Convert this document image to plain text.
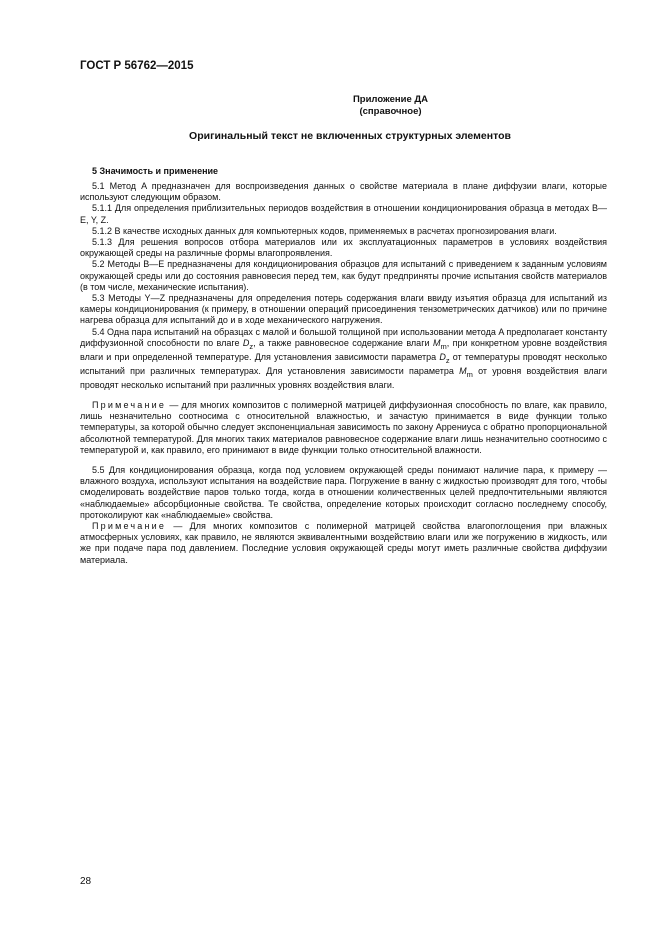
ГОСТ Р 56762—2015
Приложение ДА
(справочное)
Оригинальный текст не включенных структурных элементов
5 Значимость и применение

5.1 Метод A предназначен для воспроизведения данных о свойстве материала в плане диффузии влаги, которые используют следующим образом.

5.1.1 Для определения приблизительных периодов воздействия в отношении кондиционирования образца в методах B—E, Y, Z.

5.1.2 В качестве исходных данных для компьютерных кодов, применяемых в расчетах прогнозирования влаги.

5.1.3 Для решения вопросов отбора материалов или их эксплуатационных параметров в условиях воздействия окружающей среды на различные формы влагопроявления.

5.2 Методы B—E предназначены для кондиционирования образцов для испытаний с приведением к заданным условиям окружающей среды или до состояния равновесия перед тем, как будут предприняты прочие испытания свойств материалов (в том числе, механические испытания).

5.3 Методы Y—Z предназначены для определения потерь содержания влаги ввиду изъятия образца для испытаний из камеры кондиционирования (к примеру, в отношении операций присоединения тензометрических датчиков) или по причине нагрева образца для испытаний до и в ходе механического нагружения.

5.4 Одна пара испытаний на образцах с малой и большой толщиной при использовании метода A предполагает константу диффузионной способности по влаге $D_z$, а также равновесное содержание влаги $M_m$, при конкретном уровне воздействия влаги и при определенной температуре. Для установления зависимости параметра $D_z$ от температуры проводят несколько испытаний при различных температурах. Для установления зависимости параметра $M_m$ от уровня воздействия влаги проводят несколько испытаний при различных уровнях воздействия влаги.

Примечание — для многих композитов с полимерной матрицей диффузионная способность по влаге, как правило, лишь незначительно соотносима с относительной влажностью, и зачастую принимается в виде функции только температуры, за которой обычно следует экспоненциальная зависимость по закону Аррениуса с обратно пропорциональной абсолютной температурой. Для многих таких материалов равновесное содержание влаги лишь незначительно соотносимо с температурой и, как правило, его принимают в виде функции только относительной влажности.

5.5 Для кондиционирования образца, когда под условием окружающей среды понимают наличие пара, к примеру — влажного воздуха, используют испытания на воздействие пара. Погружение в ванну с жидкостью производят для того, чтобы смоделировать воздействие паров только тогда, когда в отношении количественных целей предпочтительными являются «наблюдаемые» абсорбционные свойства. Те свойства, определение которых происходит согласно последнему способу, протоколируют как «наблюдаемые» свойства.

Примечание — Для многих композитов с полимерной матрицей свойства влагопоглощения при влажных атмосферных условиях, как правило, не являются эквивалентными воздействию влаги или же погружению в жидкость, или же при подаче пара под давлением. Последние условия окружающей среды могут иметь различные свойства диффузии материала.

28
